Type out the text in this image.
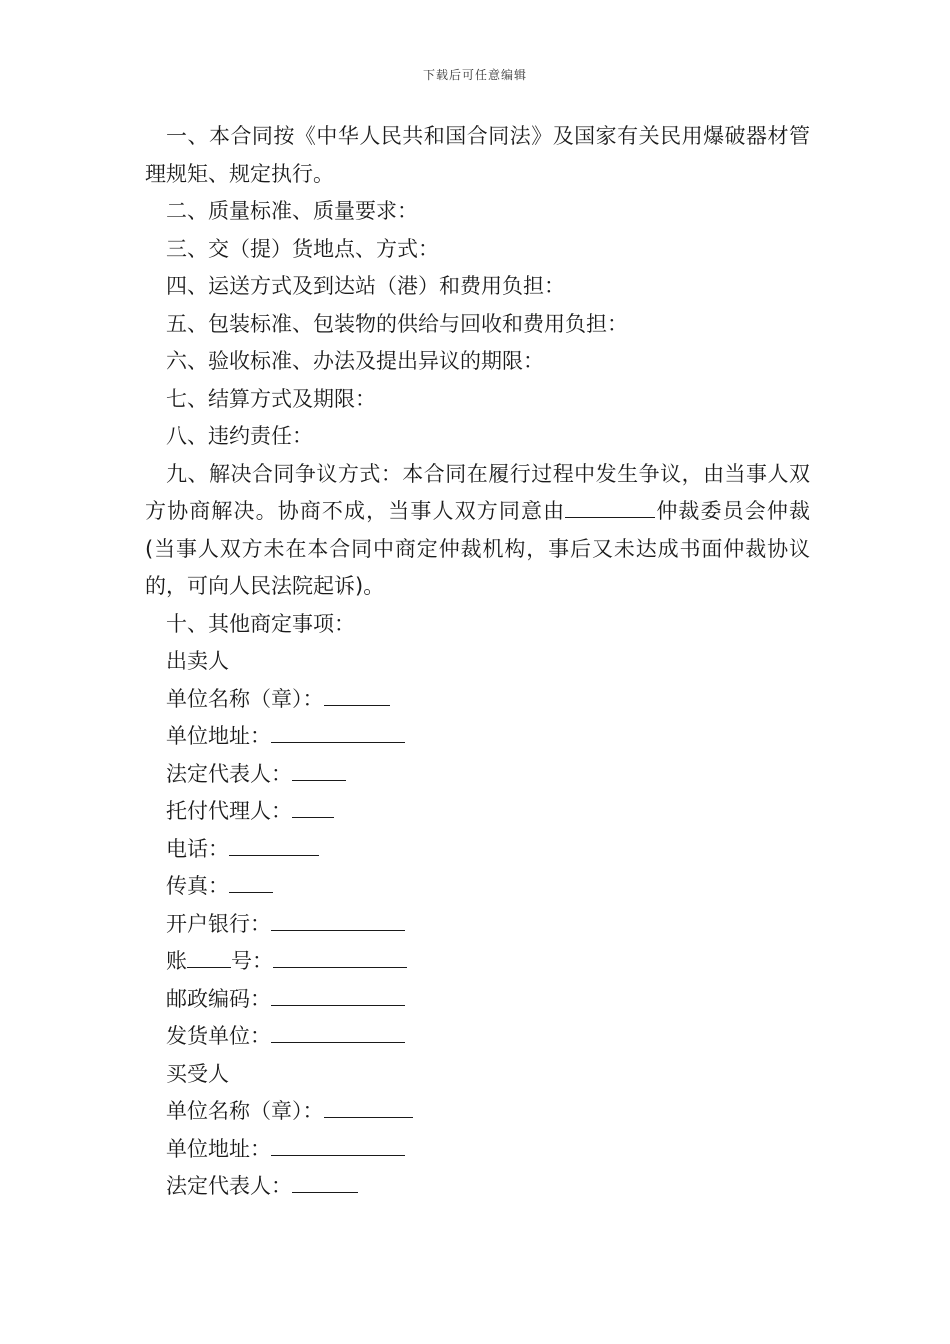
下载后可任意编辑

一、本合同按《中华人民共和国合同法》及国家有关民用爆破器材管理规矩、规定执行。

二、质量标准、质量要求：

三、交（提）货地点、方式：

四、运送方式及到达站（港）和费用负担：

五、包装标准、包装物的供给与回收和费用负担：

六、验收标准、办法及提出异议的期限：

七、结算方式及期限：

八、违约责任：

九、解决合同争议方式：本合同在履行过程中发生争议，由当事人双方协商解决。协商不成，当事人双方同意由	仲裁委员会仲裁 (当事人双方未在本合同中商定仲裁机构，事后又未达成书面仲裁协议的，可向人民法院起诉)。

十、其他商定事项：

出卖人

单位名称（章）：

单位地址：

法定代表人：

托付代理人：

电话：

传真：

开户银行：

账 号：

邮政编码：

发货单位：

买受人

单位名称（章）：

单位地址：

法定代表人：
